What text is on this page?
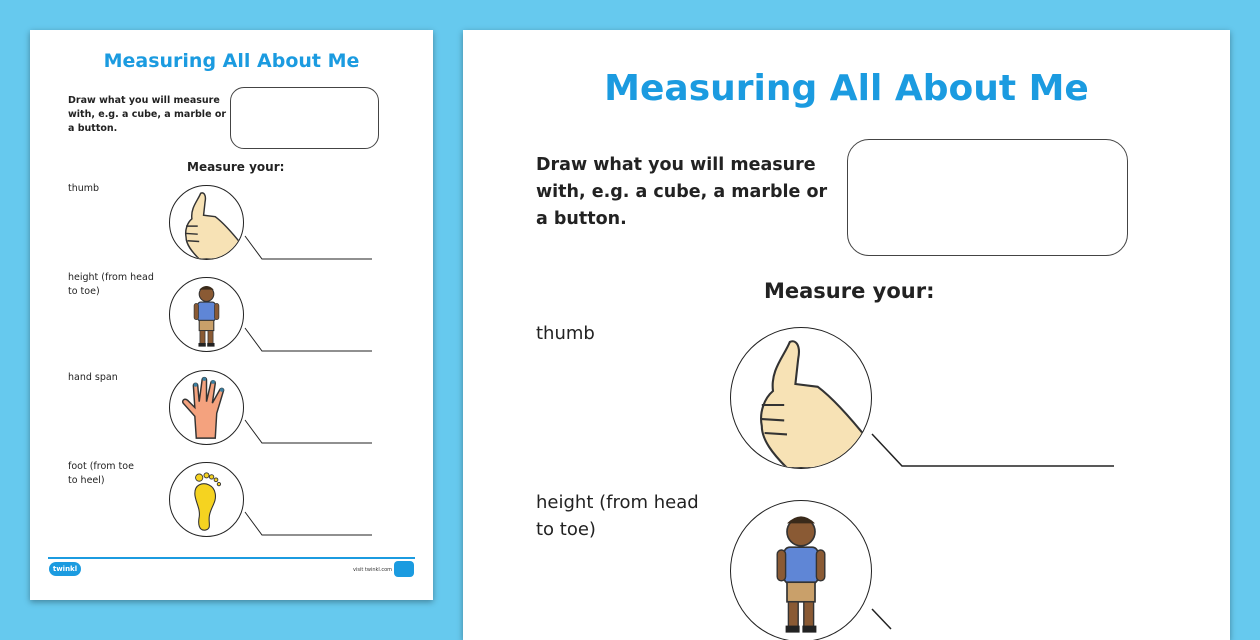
Measuring All About Me
Draw what you will measure
with, e.g. a cube, a marble or
a button.
Measure your:
thumb
height (from head
to toe)
hand span
foot (from toe
to heel)
twinkl	visit twinkl.com
Measuring All About Me
Draw what you will measure
with, e.g. a cube, a marble or
a button.
Measure your:
thumb
height (from head
to toe)
